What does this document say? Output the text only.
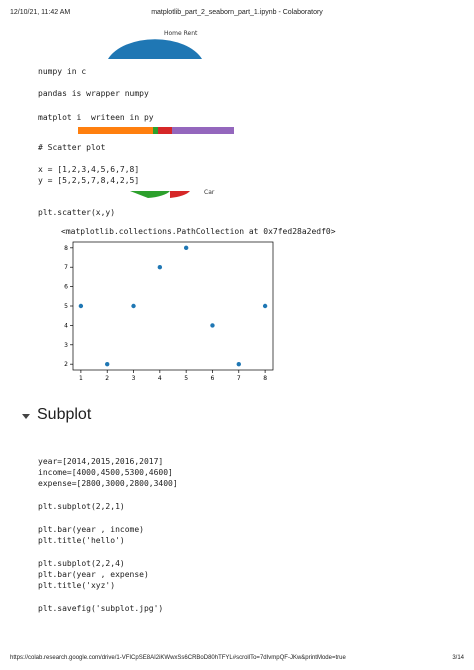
12/10/21, 11:42 AM	matplotlib_part_2_seaborn_part_1.ipynb - Colaboratory
Home Rent
Car
numpy in c
pandas is wrapper numpy
matplot i  writeen in py
# Scatter plot
x = [1,2,3,4,5,6,7,8]
y = [5,2,5,7,8,4,2,5]
plt.scatter(x,y)
<matplotlib.collections.PathCollection at 0x7fed28a2edf0>
1	2	3	4	5	6	7	8
2
3
4
5
6
7
8
Subplot
year=[2014,2015,2016,2017]
income=[4000,4500,5300,4600]
expense=[2800,3000,2800,3400]
plt.subplot(2,2,1)
plt.bar(year , income)
plt.title('hello')
plt.subplot(2,2,4)
plt.bar(year , expense)
plt.title('xyz')
plt.savefig('subplot.jpg')
https://colab.research.google.com/drive/1-VFICpSE8AI2iKWwxSs6CRBoD80hTFYL#scrollTo=7dIvmpQF-JKw&printMode=true	3/14
